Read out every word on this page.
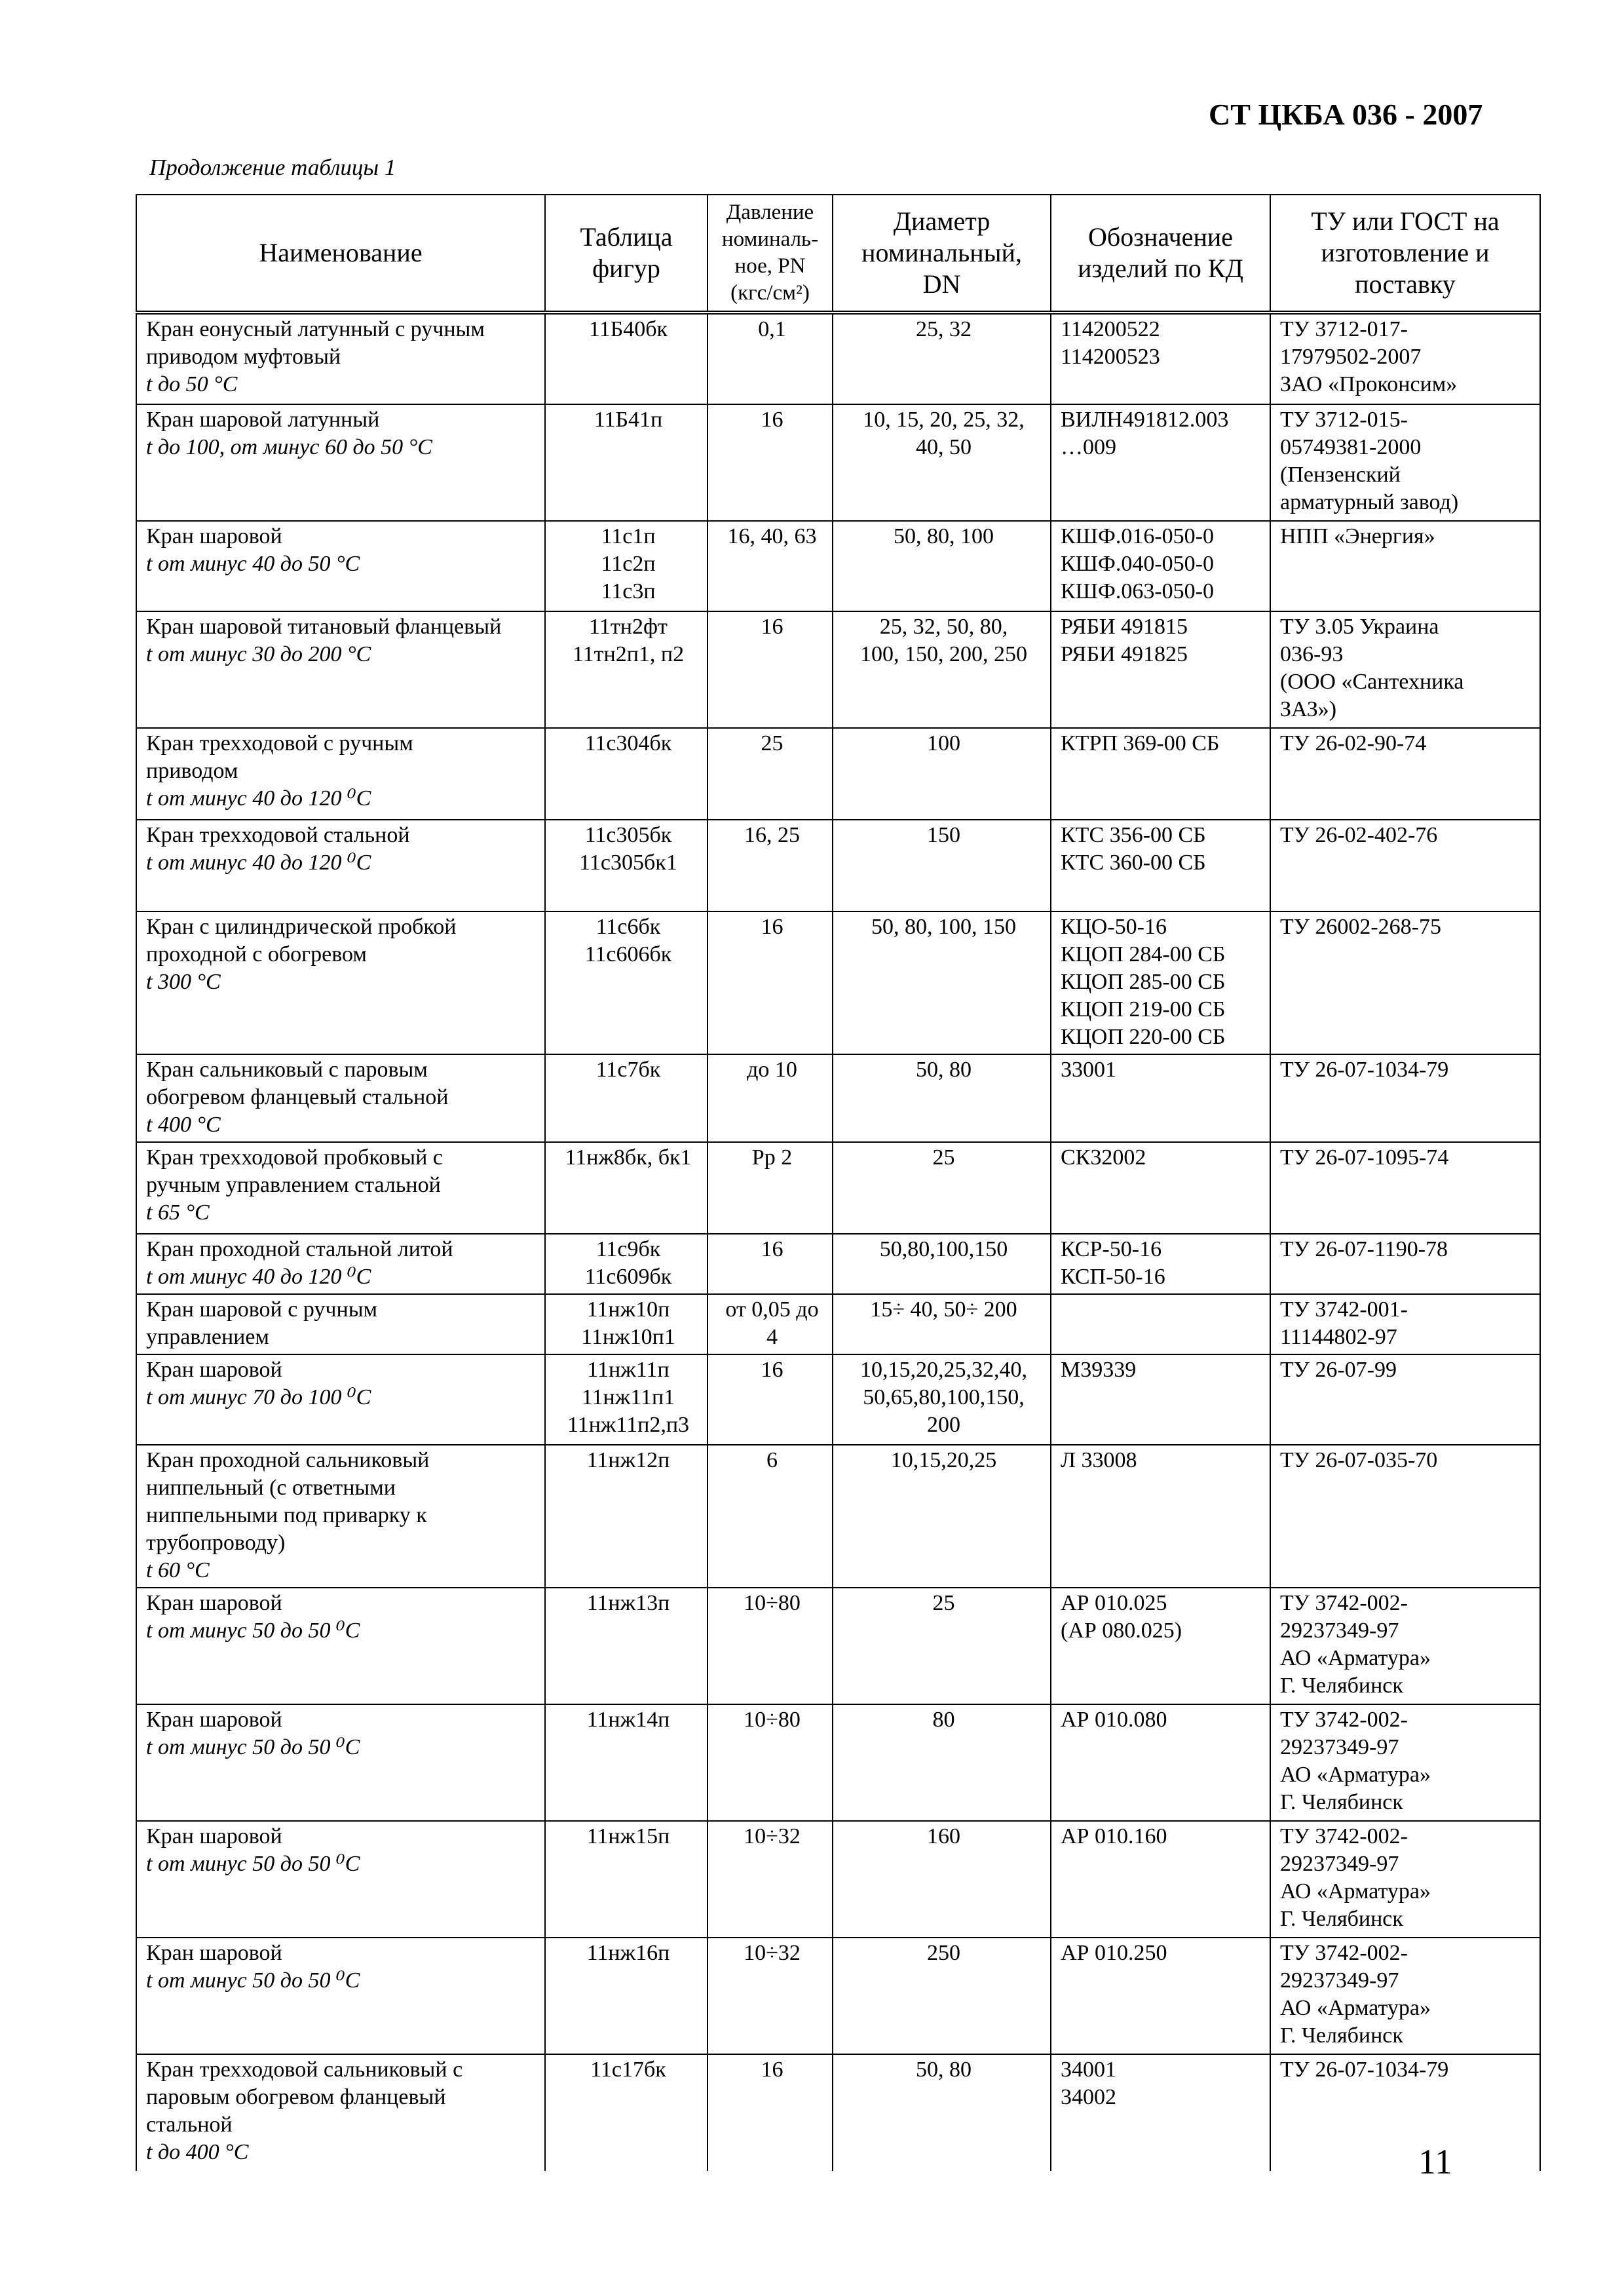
СТ ЦКБА 036 - 2007
Продолжение таблицы 1
Наименование	Таблица
фигур	Давление
номиналь-
ное, PN
(кгс/см²)	Диаметр
номинальный,
DN	Обозначение
изделий по КД	ТУ или ГОСТ на
изготовление и
поставку

Кран еонусный латунный с ручным
приводом муфтовый
t до 50 °С	11Б40бк	0,1	25, 32	114200522
114200523	ТУ 3712-017-
17979502-2007
ЗАО «Проконсим»

Кран шаровой латунный
t до 100, от минус 60 до 50 °С	11Б41п	16	10, 15, 20, 25, 32,
40, 50	ВИЛН491812.003
…009	ТУ 3712-015-
05749381-2000
(Пензенский
арматурный завод)

Кран шаровой
t от минус 40 до 50 °С	11с1п
11с2п
11с3п	16, 40, 63	50, 80, 100	КШФ.016-050-0
КШФ.040-050-0
КШФ.063-050-0	НПП «Энергия»

Кран шаровой титановый фланцевый
t от минус 30 до 200 °С	11тн2фт
11тн2п1, п2	16	25, 32, 50, 80,
100, 150, 200, 250	РЯБИ 491815
РЯБИ 491825	ТУ 3.05 Украина
036-93
(ООО «Сантехника
ЗАЗ»)

Кран трехходовой с ручным
приводом
t от минус 40 до 120 ⁰С	11с304бк	25	100	КТРП 369-00 СБ	ТУ 26-02-90-74

Кран трехходовой стальной
t от минус 40 до 120 ⁰С	11с305бк
11с305бк1	16, 25	150	КТС 356-00 СБ
КТС 360-00 СБ	ТУ 26-02-402-76

Кран с цилиндрической пробкой
проходной с обогревом
t 300 °С	11с6бк
11с606бк	16	50, 80, 100, 150	КЦО-50-16
КЦОП 284-00 СБ
КЦОП 285-00 СБ
КЦОП 219-00 СБ
КЦОП 220-00 СБ	ТУ 26002-268-75

Кран сальниковый с паровым
обогревом фланцевый стальной
t 400 °С	11с7бк	до 10	50, 80	33001	ТУ 26-07-1034-79

Кран трехходовой пробковый с
ручным управлением стальной
t 65 °С	11нж8бк, бк1	Рр 2	25	СК32002	ТУ 26-07-1095-74

Кран проходной стальной литой
t от минус 40 до 120 ⁰С	11с9бк
11с609бк	16	50,80,100,150	КСР-50-16
КСП-50-16	ТУ 26-07-1190-78

Кран шаровой с ручным
управлением	11нж10п
11нж10п1	от 0,05 до
4	15÷ 40, 50÷ 200		ТУ 3742-001-
11144802-97

Кран шаровой
t от минус 70 до 100 ⁰С	11нж11п
11нж11п1
11нж11п2,п3	16	10,15,20,25,32,40,
50,65,80,100,150,
200	М39339	ТУ 26-07-99

Кран проходной сальниковый
ниппельный (с ответными
ниппельными под приварку к
трубопроводу)
t 60 °С	11нж12п	6	10,15,20,25	Л 33008	ТУ 26-07-035-70

Кран шаровой
t от минус 50 до 50 ⁰С	11нж13п	10÷80	25	АР 010.025
(АР 080.025)	ТУ 3742-002-
29237349-97
АО «Арматура»
Г. Челябинск

Кран шаровой
t от минус 50 до 50 ⁰С	11нж14п	10÷80	80	АР 010.080	ТУ 3742-002-
29237349-97
АО «Арматура»
Г. Челябинск

Кран шаровой
t от минус 50 до 50 ⁰С	11нж15п	10÷32	160	АР 010.160	ТУ 3742-002-
29237349-97
АО «Арматура»
Г. Челябинск

Кран шаровой
t от минус 50 до 50 ⁰С	11нж16п	10÷32	250	АР 010.250	ТУ 3742-002-
29237349-97
АО «Арматура»
Г. Челябинск

Кран трехходовой сальниковый с
паровым обогревом фланцевый
стальной
t до 400 °С	11с17бк	16	50, 80	34001
34002	ТУ 26-07-1034-79
11
